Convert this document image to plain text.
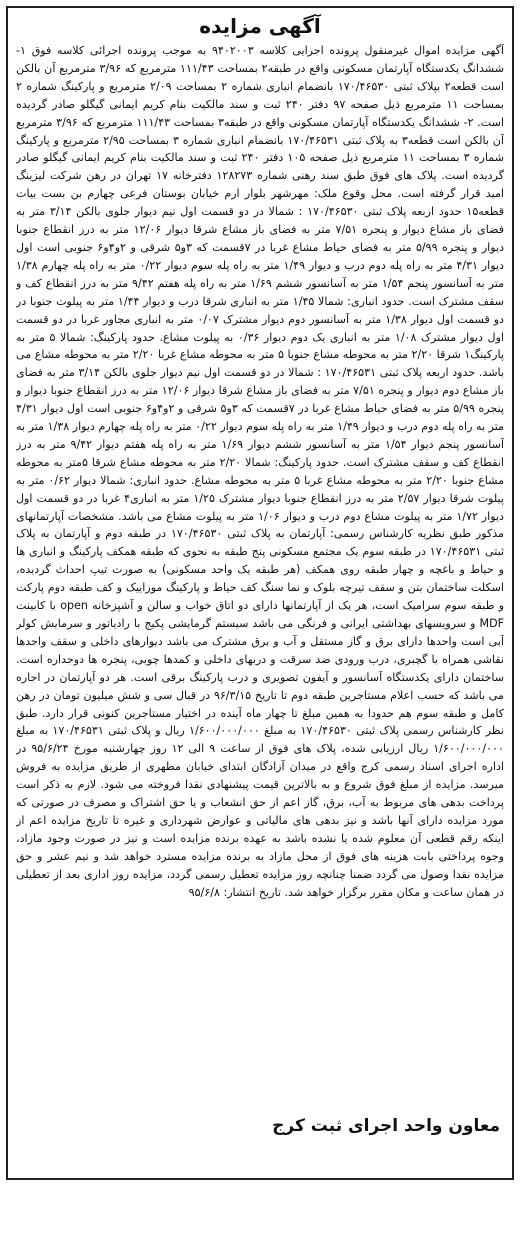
آگهی مزایده
آگهی مزایده اموال غیرمنقول پرونده اجرایی کلاسه ۹۴۰۲۰۰۳ به موجب پرونده اجرائی کلاسه فوق ۱- ششدانگ یکدستگاه آپارتمان مسکونی واقع در طبقه۲ بمساحت ۱۱۱/۴۳ مترمربع که ۳/۹۶ مترمربع آن بالکن است قطعه۲ بپلاک ثبتی ۱۷۰/۴۶۵۳۰ بانضمام انباری شماره ۲ بمساحت ۲/۰۹ مترمربع و پارکینگ شماره ۲ بمساحت ۱۱ مترمربع ذیل صفحه ۹۷ دفتر ۲۴۰ ثبت و سند مالکیت بنام کریم ایمانی گیگلو صادر گردیده است. ۲- ششدانگ یکدستگاه آپارتمان مسکونی واقع در طبقه۳ بمساحت ۱۱۱/۴۳ مترمربع که ۳/۹۶ مترمربع آن بالکن است قطعه۳ به پلاک ثبتی ۱۷۰/۴۶۵۳۱ بانضمام انباری شماره ۳ بمساحت ۲/۹۵ مترمربع و پارکینگ شماره ۳ بمساحت ۱۱ مترمربع ذیل صفحه ۱۰۵ دفتر ۲۴۰ ثبت و سند مالکیت بنام کریم ایمانی گیگلو صادر گردیده است. پلاک های فوق طبق سند رهنی شماره ۱۲۸۲۷۳ دفترخانه ۱۷ تهران در رهن شرکت لیزینگ امید قرار گرفته است. محل وقوع ملک: مهرشهر بلوار ارم خیابان بوستان فرعی چهارم بن بست بیات قطعه۱۵ حدود اربعه پلاک ثبتی ۱۷۰/۴۶۵۳۰ : شمالا در دو قسمت اول نیم دیوار جلوی بالکن ۳/۱۴ متر به فضای باز مشاع دیوار و پنجره ۷/۵۱ متر به فضای باز مشاع شرقا دیوار ۱۲/۰۶ متر به درز انقطاع جنوبا دیوار و پنجره ۵/۹۹ متر به فضای حیاط مشاع غربا در ۷قسمت که ۳و۵ شرقی و ۲و۴و۶ جنوبی است اول دیوار ۴/۳۱ متر به راه پله دوم درب و دیوار ۱/۴۹ متر به راه پله سوم دیوار ۰/۲۲ متر به راه پله چهارم ۱/۳۸ متر به آسانسور پنجم ۱/۵۴ متر به آسانسور ششم ۱/۶۹ متر به راه پله هفتم ۹/۴۲ متر به درز انقطاع کف و سقف مشترک است. حدود انباری: شمالا ۱/۴۵ متر به انباری شرقا درب و دیوار ۱/۴۴ متر به پیلوت جنوبا در دو قسمت اول دیوار ۱/۳۸ متر به آسانسور دوم دیوار مشترک ۰/۰۷ متر به انباری مجاور غربا در دو قسمت اول دیوار مشترک ۱/۰۸ متر به انباری یک دوم دیوار ۰/۳۶ به پیلوت مشاع. حدود پارکینگ: شمالا ۵ متر به پارکینگ۱ شرقا ۲/۲۰ متر به محوطه مشاع جنوبا ۵ متر به محوطه مشاع غربا ۲/۲۰ متر به محوطه مشاع می باشد. حدود اربعه پلاک ثبتی ۱۷۰/۴۶۵۳۱ : شمالا در دو قسمت اول نیم دیوار جلوی بالکن ۳/۱۴ متر به فضای باز مشاع دوم دیوار و پنجره ۷/۵۱ متر به فضای باز مشاع شرقا دیوار ۱۲/۰۶ متر به درز انقطاع جنوبا دیوار و پنجره ۵/۹۹ متر به فضای حیاط مشاع غربا در ۷قسمت که ۳و۵ شرقی و ۲و۴و۶ جنوبی است اول دیوار ۴/۳۱ متر به راه پله دوم درب و دیوار ۱/۴۹ متر به راه پله سوم دیوار ۰/۲۲ متر به راه پله چهارم دیوار ۱/۳۸ متر به آسانسور پنجم دیوار ۱/۵۴ متر به آسانسور ششم دیوار ۱/۶۹ متر به راه پله هفتم دیوار ۹/۴۲ متر به درز انقطاع کف و سقف مشترک است. حدود پارکینگ: شمالا ۲/۲۰ متر به محوطه مشاع شرقا ۵متر به محوطه مشاع جنوبا ۲/۲۰ متر به محوطه مشاع غربا ۵ متر به محوطه مشاع. حدود انباری: شمالا دیوار ۰/۶۲ متر به پیلوت شرقا دیوار ۲/۵۷ متر به درز انقطاع جنوبا دیوار مشترک ۱/۲۵ متر به انباری۴ غربا در دو قسمت اول دیوار ۱/۷۲ متر به پیلوت مشاع دوم درب و دیوار ۱/۰۶ متر به پیلوت مشاع می باشد. مشخصات آپارتمانهای مذکور طبق نظریه کارشناس رسمی: آپارتمان به پلاک ثبتی ۱۷۰/۴۶۵۳۰ در طبقه دوم و آپارتمان به پلاک ثبتی ۱۷۰/۴۶۵۳۱ در طبقه سوم یک مجتمع مسکونی پنج طبقه به نحوی که طبقه همکف پارکینگ و انباری ها و حیاط و باغچه و چهار طبقه روی همکف (هر طبقه یک واحد مسکونی) به صورت تیپ احداث گردیده، اسکلت ساختمان بتن و سقف تیرچه بلوک و نما سنگ کف حیاط و پارکینگ موزاییک و کف طبقه دوم پارکت و طبقه سوم سرامیک است، هر یک از آپارتمانها دارای دو اتاق خواب و سالن و آشپزخانه open با کابینت MDF و سرویسهای بهداشتی ایرانی و فرنگی می باشد سیستم گرمایشی پکیج با رادیاتور و سرمایش کولر آبی است واحدها دارای برق و گاز مستقل و آب و برق مشترک می باشد دیوارهای داخلی و سقف واحدها نقاشی همراه با گچبری، درب ورودی ضد سرقت و دربهای داخلی و کمدها چوبی، پنجره ها دوجداره است. ساختمان دارای یکدستگاه آسانسور و آیفون تصویری و درب پارکینگ برقی است. هر دو آپارتمان در اجاره می باشد که حسب اعلام مستاجرین طبقه دوم تا تاریخ ۹۶/۳/۱۵ در قبال سی و شش میلیون تومان در رهن کامل و طبقه سوم هم حدودا به همین مبلغ تا چهار ماه آینده در اختیار مستاجرین کنونی قرار دارد. طبق نظر کارشناس رسمی پلاک ثبتی ۱۷۰/۴۶۵۳۰ به مبلغ ۱/۶۰۰/۰۰۰/۰۰۰ ریال و پلاک ثبتی ۱۷۰/۴۶۵۳۱ به مبلغ ۱/۶۰۰/۰۰۰/۰۰۰ ریال ارزیابی شده، پلاک های فوق از ساعت ۹ الی ۱۲ روز چهارشنبه مورخ ۹۵/۶/۲۴ در اداره اجرای اسناد رسمی کرج واقع در میدان آزادگان ابتدای خیابان مطهری از طریق مزایده به فروش میرسد. مزایده از مبلغ فوق شروع و به بالاترین قیمت پیشنهادی نقدا فروخته می شود. لازم به ذکر است پرداخت بدهی های مربوط به آب، برق، گاز اعم از حق انشعاب و یا حق اشتراک و مصرف در صورتی که مورد مزایده دارای آنها باشد و نیز بدهی های مالیاتی و عوارض شهرداری و غیره تا تاریخ مزایده اعم از اینکه رقم قطعی آن معلوم شده یا نشده باشد به عهده برنده مزایده است و نیز در صورت وجود مازاد، وجوه پرداختی بابت هزینه های فوق از محل مازاد به برنده مزایده مسترد خواهد شد و نیم عشر و حق مزایده نقدا وصول می گردد ضمنا چنانچه روز مزایده تعطیل رسمی گردد، مزایده روز اداری بعد از تعطیلی در همان ساعت و مکان مقرر برگزار خواهد شد. تاریخ انتشار: ۹۵/۶/۸
معاون واحد اجرای ثبت کرج
